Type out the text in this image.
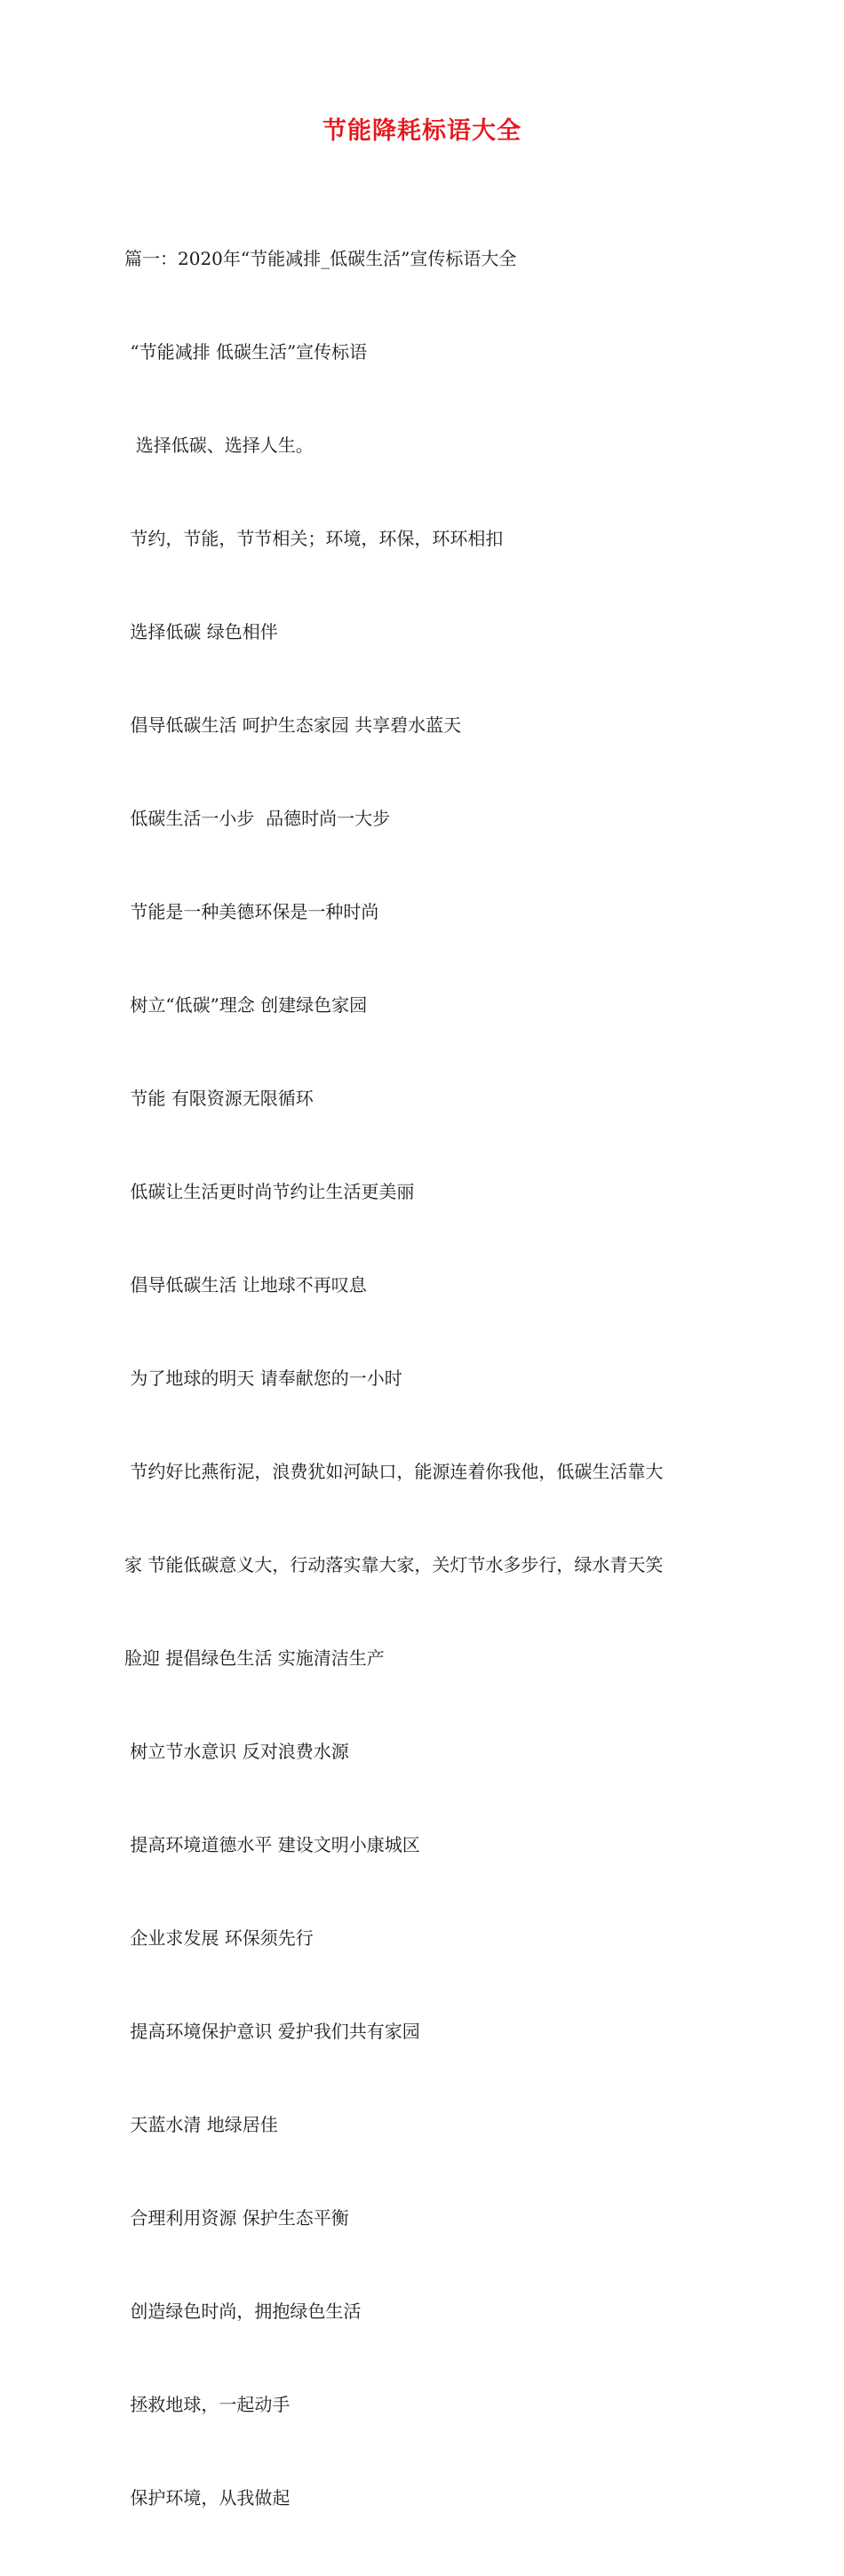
节能降耗标语大全

篇一：2020年“节能减排_低碳生活”宣传标语大全

“节能减排 低碳生活”宣传标语

选择低碳、选择人生。

节约，节能，节节相关；环境，环保，环环相扣

选择低碳 绿色相伴

倡导低碳生活 呵护生态家园 共享碧水蓝天

低碳生活一小步  品德时尚一大步

节能是一种美德环保是一种时尚

树立“低碳”理念 创建绿色家园

节能 有限资源无限循环

低碳让生活更时尚节约让生活更美丽

倡导低碳生活 让地球不再叹息

为了地球的明天 请奉献您的一小时

节约好比燕衔泥，浪费犹如河缺口，能源连着你我他，低碳生活靠大

家 节能低碳意义大，行动落实靠大家，关灯节水多步行，绿水青天笑

脸迎 提倡绿色生活 实施清洁生产

树立节水意识 反对浪费水源

提高环境道德水平 建设文明小康城区

企业求发展 环保须先行

提高环境保护意识 爱护我们共有家园

天蓝水清 地绿居佳

合理利用资源 保护生态平衡

创造绿色时尚，拥抱绿色生活

拯救地球，一起动手

保护环境，从我做起
